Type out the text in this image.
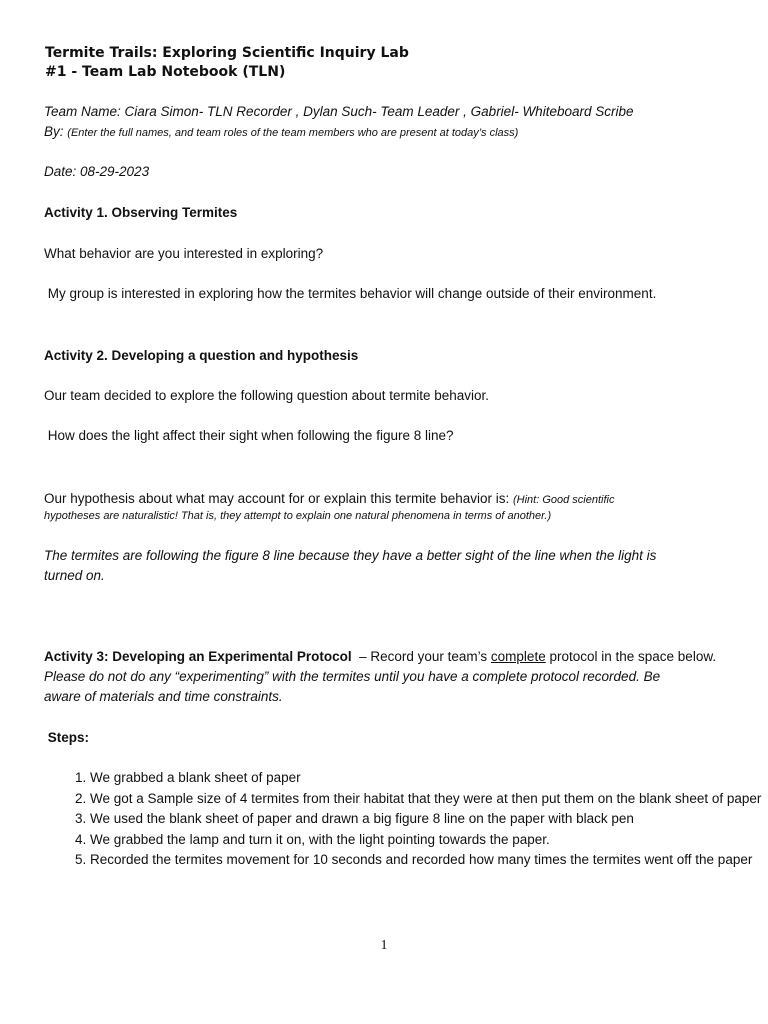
Termite Trails: Exploring Scientific Inquiry Lab
#1 - Team Lab Notebook (TLN)
Team Name: Ciara Simon- TLN Recorder , Dylan Such- Team Leader , Gabriel- Whiteboard Scribe
By: (Enter the full names, and team roles of the team members who are present at today’s class)
Date: 08-29-2023
Activity 1. Observing Termites
What behavior are you interested in exploring?
My group is interested in exploring how the termites behavior will change outside of their environment.
Activity 2. Developing a question and hypothesis
Our team decided to explore the following question about termite behavior.
How does the light affect their sight when following the figure 8 line?
Our hypothesis about what may account for or explain this termite behavior is: (Hint: Good scientific
hypotheses are naturalistic! That is, they attempt to explain one natural phenomena in terms of another.)
The termites are following the figure 8 line because they have a better sight of the line when the light is
turned on.
Activity 3: Developing an Experimental Protocol – Record your team’s complete protocol in the space below.
Please do not do any “experimenting” with the termites until you have a complete protocol recorded. Be
aware of materials and time constraints.
Steps:
1. We grabbed a blank sheet of paper
2. We got a Sample size of 4 termites from their habitat that they were at then put them on the blank sheet of paper
3. We used the blank sheet of paper and drawn a big figure 8 line on the paper with black pen
4. We grabbed the lamp and turn it on, with the light pointing towards the paper.
5. Recorded the termites movement for 10 seconds and recorded how many times the termites went off the paper
1
